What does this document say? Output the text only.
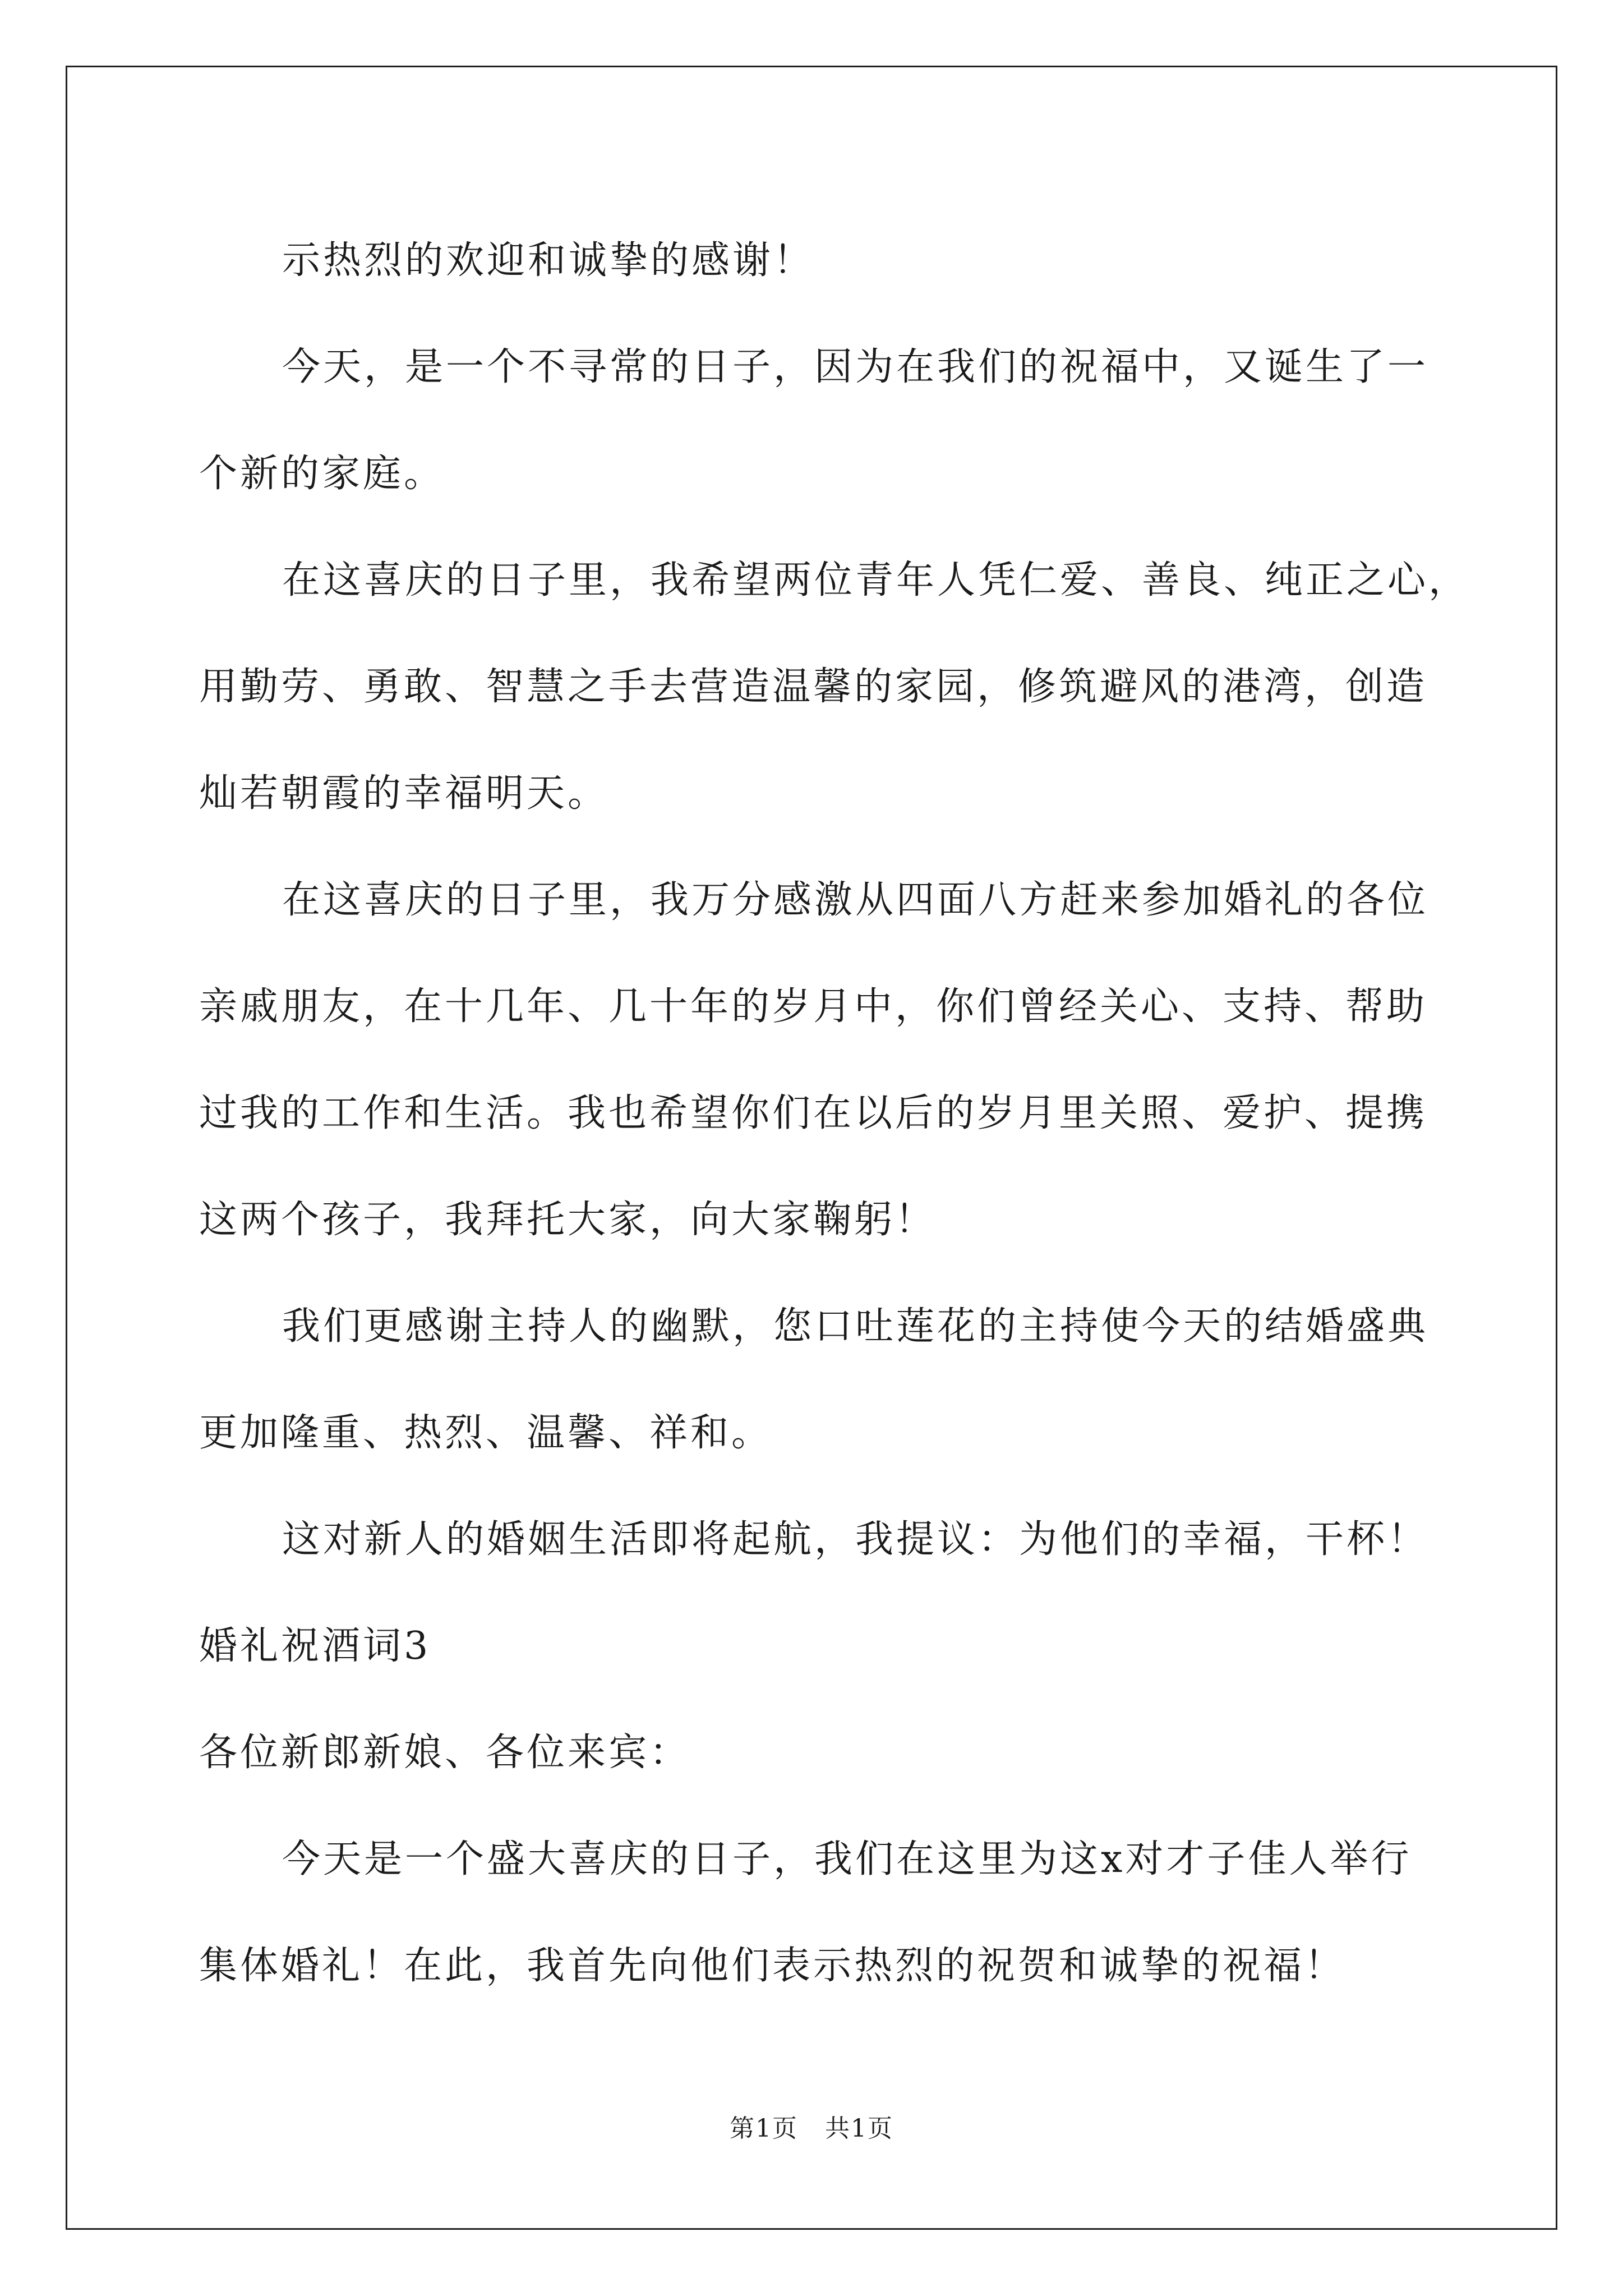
示热烈的欢迎和诚挚的感谢！

今天，是一个不寻常的日子，因为在我们的祝福中，又诞生了一

个新的家庭。

在这喜庆的日子里，我希望两位青年人凭仁爱、善良、纯正之心，

用勤劳、勇敢、智慧之手去营造温馨的家园，修筑避风的港湾，创造

灿若朝霞的幸福明天。

在这喜庆的日子里，我万分感激从四面八方赶来参加婚礼的各位

亲戚朋友，在十几年、几十年的岁月中，你们曾经关心、支持、帮助

过我的工作和生活。我也希望你们在以后的岁月里关照、爱护、提携

这两个孩子，我拜托大家，向大家鞠躬！

我们更感谢主持人的幽默，您口吐莲花的主持使今天的结婚盛典

更加隆重、热烈、温馨、祥和。

这对新人的婚姻生活即将起航，我提议：为他们的幸福，干杯！

婚礼祝酒词3

各位新郎新娘、各位来宾：

今天是一个盛大喜庆的日子，我们在这里为这x对才子佳人举行

集体婚礼！在此，我首先向他们表示热烈的祝贺和诚挚的祝福！

第1页 共1页
